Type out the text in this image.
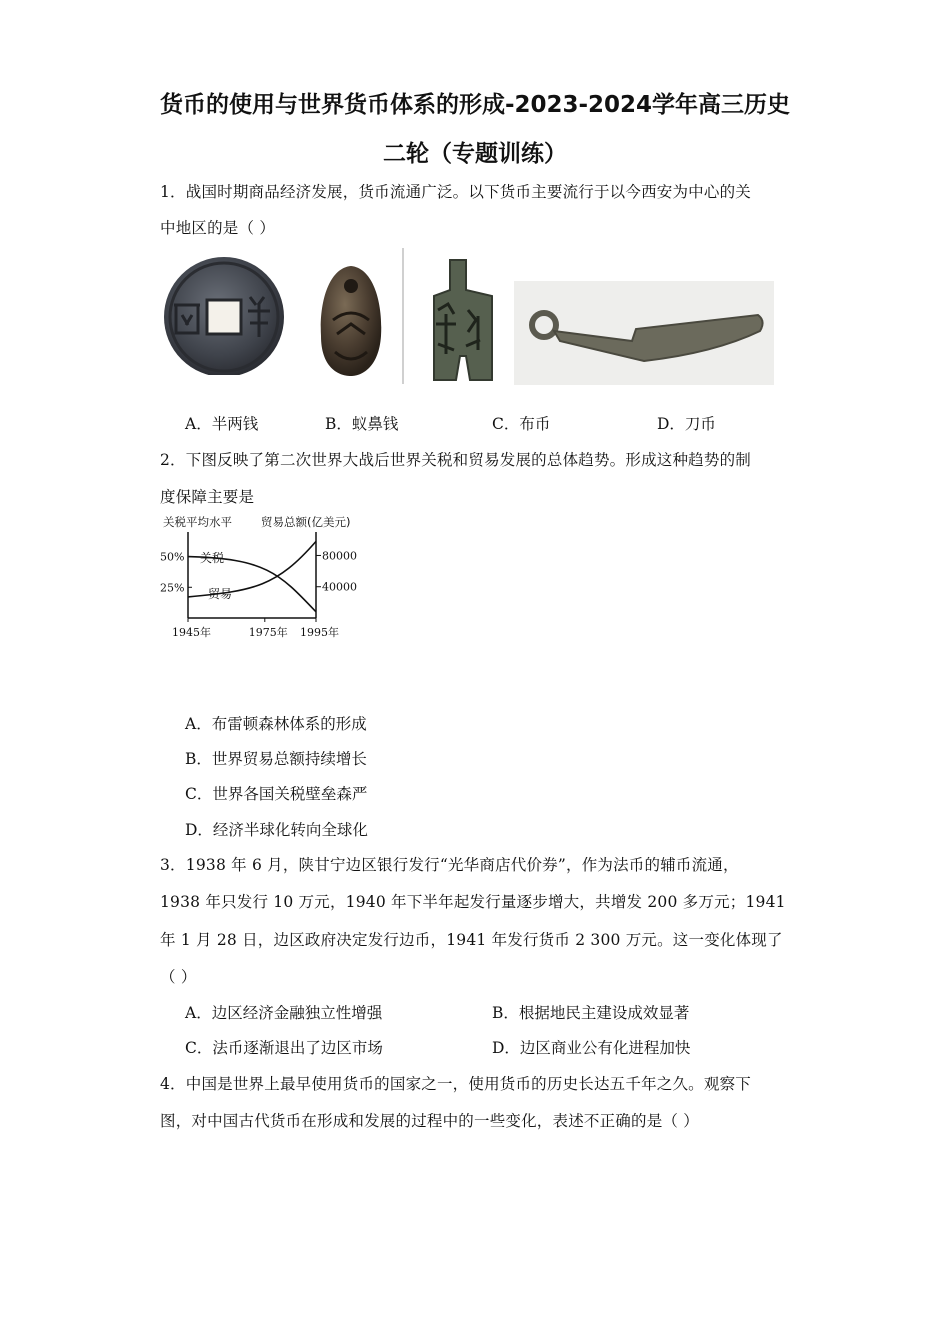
货币的使用与世界货币体系的形成-2023-2024学年高三历史
二轮（专题训练）
1．战国时期商品经济发展，货币流通广泛。以下货币主要流行于以今西安为中心的关
中地区的是（ ）
A．半两钱	B．蚁鼻钱	C．布币	D．刀币
2．下图反映了第二次世界大战后世界关税和贸易发展的总体趋势。形成这种趋势的制
度保障主要是
关税平均水平	贸易总额(亿美元)
50%
25%
80000
40000
1945年	1975年 1995年
关税
贸易
A．布雷顿森林体系的形成
B．世界贸易总额持续增长
C．世界各国关税壁垒森严
D．经济半球化转向全球化
3．1938 年 6 月，陕甘宁边区银行发行“光华商店代价券”，作为法币的辅币流通，
1938 年只发行 10 万元，1940 年下半年起发行量逐步增大，共增发 200 多万元；1941
年 1 月 28 日，边区政府决定发行边币，1941 年发行货币 2 300 万元。这一变化体现了
（ ）
A．边区经济金融独立性增强	B．根据地民主建设成效显著
C．法币逐渐退出了边区市场	D．边区商业公有化进程加快
4．中国是世界上最早使用货币的国家之一，使用货币的历史长达五千年之久。观察下
图，对中国古代货币在形成和发展的过程中的一些变化，表述不正确的是（ ）
